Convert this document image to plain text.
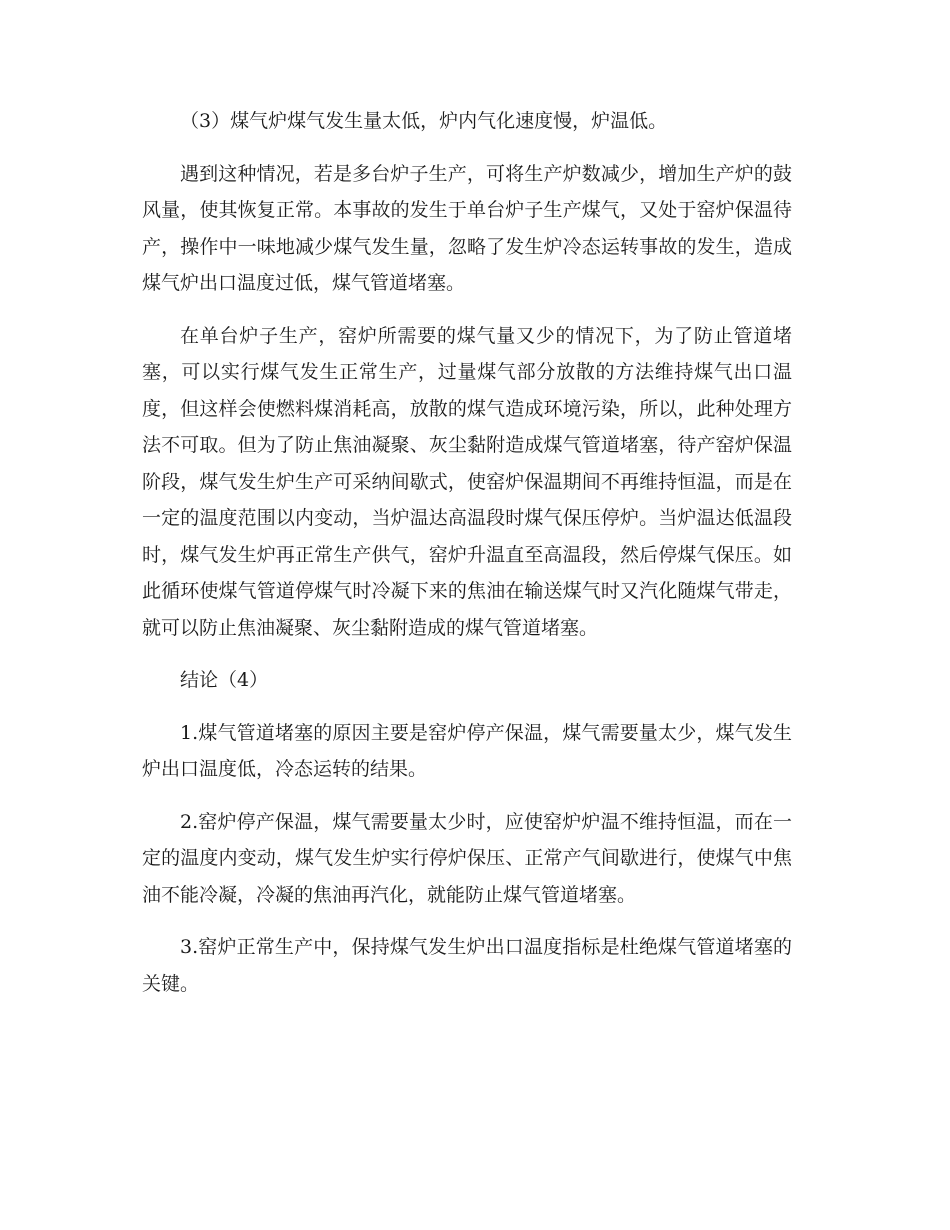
（3）煤气炉煤气发生量太低，炉内气化速度慢，炉温低。

遇到这种情况，若是多台炉子生产，可将生产炉数减少，增加生产炉的鼓风量，使其恢复正常。本事故的发生于单台炉子生产煤气，又处于窑炉保温待产，操作中一味地减少煤气发生量，忽略了发生炉冷态运转事故的发生，造成煤气炉出口温度过低，煤气管道堵塞。

在单台炉子生产，窑炉所需要的煤气量又少的情况下，为了防止管道堵塞，可以实行煤气发生正常生产，过量煤气部分放散的方法维持煤气出口温度，但这样会使燃料煤消耗高，放散的煤气造成环境污染，所以，此种处理方法不可取。但为了防止焦油凝聚、灰尘黏附造成煤气管道堵塞，待产窑炉保温阶段，煤气发生炉生产可采纳间歇式，使窑炉保温期间不再维持恒温，而是在一定的温度范围以内变动，当炉温达高温段时煤气保压停炉。当炉温达低温段时，煤气发生炉再正常生产供气，窑炉升温直至高温段，然后停煤气保压。如此循环使煤气管道停煤气时冷凝下来的焦油在输送煤气时又汽化随煤气带走，就可以防止焦油凝聚、灰尘黏附造成的煤气管道堵塞。

结论（4）

1.煤气管道堵塞的原因主要是窑炉停产保温，煤气需要量太少，煤气发生炉出口温度低，冷态运转的结果。

2.窑炉停产保温，煤气需要量太少时，应使窑炉炉温不维持恒温，而在一定的温度内变动，煤气发生炉实行停炉保压、正常产气间歇进行，使煤气中焦油不能冷凝，冷凝的焦油再汽化，就能防止煤气管道堵塞。

3.窑炉正常生产中，保持煤气发生炉出口温度指标是杜绝煤气管道堵塞的关键。
